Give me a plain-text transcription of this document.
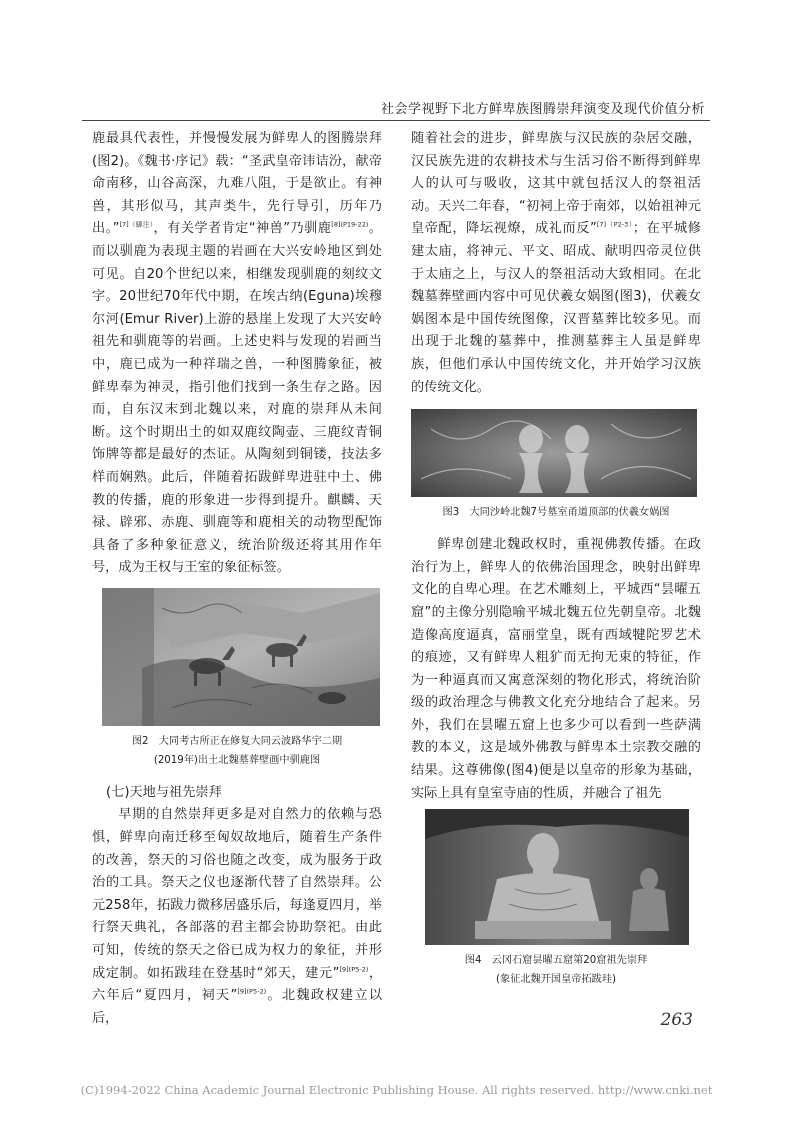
社会学视野下北方鲜卑族图腾崇拜演变及现代价值分析

鹿最具代表性，并慢慢发展为鲜卑人的图腾崇拜(图2)。《魏书·序记》载：“圣武皇帝讳诘汾，献帝命南移，山谷高深，九难八阻，于是欲止。有神兽，其形似马，其声类牛，先行导引，历年乃出。”$^{[7](脚注)}$，有关学者肯定“神兽”乃驯鹿$^{[8](P19-22)}$。而以驯鹿为表现主题的岩画在大兴安岭地区到处可见。自20个世纪以来，相继发现驯鹿的刻纹文字。20世纪70年代中期，在埃古纳(Eguna)埃穆尔河(Emur River)上游的悬崖上发现了大兴安岭祖先和驯鹿等的岩画。上述史料与发现的岩画当中，鹿已成为一种祥瑞之兽，一种图腾象征，被鲜卑奉为神灵，指引他们找到一条生存之路。因而，自东汉末到北魏以来，对鹿的崇拜从未间断。这个时期出土的如双鹿纹陶壶、三鹿纹青铜饰牌等都是最好的杰证。从陶刻到铜镂，技法多样而娴熟。此后，伴随着拓跋鲜卑进驻中土、佛教的传播，鹿的形象进一步得到提升。麒麟、天禄、辟邪、赤鹿、驯鹿等和鹿相关的动物型配饰具备了多种象征意义，统治阶级还将其用作年号，成为王权与王室的象征标签。

图2　大同考古所正在修复大同云波路华宇二期
(2019年)出土北魏墓葬壁画中驯鹿图
(七)天地与祖先崇拜

早期的自然崇拜更多是对自然力的依赖与恐惧，鲜卑向南迁移至匈奴故地后，随着生产条件的改善，祭天的习俗也随之改变，成为服务于政治的工具。祭天之仪也逐渐代替了自然崇拜。公元258年，拓跋力微移居盛乐后，每逢夏四月，举行祭天典礼，各部落的君主都会协助祭祀。由此可知，传统的祭天之俗已成为权力的象征，并形成定制。如拓跋珪在登基时“郊天，建元”$^{[9](P5-2)}$，六年后“夏四月，祠天”$^{[9](P5-2)}$。北魏政权建立以后，

随着社会的进步，鲜卑族与汉民族的杂居交融，汉民族先进的农耕技术与生活习俗不断得到鲜卑人的认可与吸收，这其中就包括汉人的祭祖活动。天兴二年春，“初祠上帝于南郊，以始祖神元皇帝配，降坛视燎，成礼而反”$^{[7](P2-3)}$；在平城修建太庙，将神元、平文、昭成、献明四帝灵位供于太庙之上，与汉人的祭祖活动大致相同。在北魏墓葬壁画内容中可见伏羲女娲图(图3)，伏羲女娲图本是中国传统图像，汉晋墓葬比较多见。而出现于北魏的墓葬中，推测墓葬主人虽是鲜卑族，但他们承认中国传统文化，并开始学习汉族的传统文化。

图3　大同沙岭北魏7号墓室甬道顶部的伏羲女娲图

鲜卑创建北魏政权时，重视佛教传播。在政治行为上，鲜卑人的依佛治国理念，映射出鲜卑文化的自卑心理。在艺术雕刻上，平城西“昙曜五窟”的主像分别隐喻平城北魏五位先朝皇帝。北魏造像高度逼真，富丽堂皇，既有西域犍陀罗艺术的痕迹，又有鲜卑人粗犷而无拘无束的特征，作为一种逼真而又寓意深刻的物化形式，将统治阶级的政治理念与佛教文化充分地结合了起来。另外，我们在昙曜五窟上也多少可以看到一些萨满教的本义，这是域外佛教与鲜卑本土宗教交融的结果。这尊佛像(图4)便是以皇帝的形象为基础，实际上具有皇室寺庙的性质，并融合了祖先

图4　云冈石窟昙曜五窟第20窟祖先崇拜
(象征北魏开国皇帝拓跋珪)
263
(C)1994-2022 China Academic Journal Electronic Publishing House. All rights reserved. http://www.cnki.net
